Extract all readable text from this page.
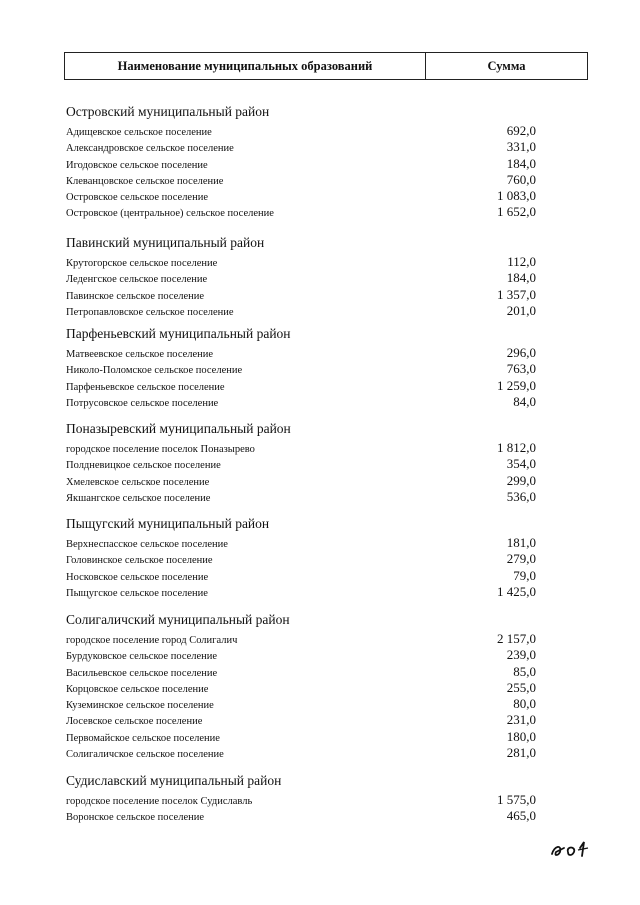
Наименование муниципальных образований	Сумма
Островский муниципальный район
Адищевское сельское поселение	692,0
Александровское сельское поселение	331,0
Игодовское сельское поселение	184,0
Клеванцовское сельское поселение	760,0
Островское сельское поселение	1 083,0
Островское (центральное) сельское поселение	1 652,0
Павинский муниципальный район
Крутогорское сельское поселение	112,0
Леденгское сельское поселение	184,0
Павинское сельское поселение	1 357,0
Петропавловское сельское поселение	201,0
Парфеньевский муниципальный район
Матвеевское сельское поселение	296,0
Николо-Поломское сельское поселение	763,0
Парфеньевское сельское поселение	1 259,0
Потрусовское сельское поселение	84,0
Поназыревский муниципальный район
городское поселение поселок Поназырево	1 812,0
Полдневицкое сельское поселение	354,0
Хмелевское сельское поселение	299,0
Якшангское сельское поселение	536,0
Пыщугский муниципальный район
Верхнеспасское сельское поселение	181,0
Головинское сельское поселение	279,0
Носковское сельское поселение	79,0
Пыщугское сельское поселение	1 425,0
Солигаличский муниципальный район
городское поселение город Солигалич	2 157,0
Бурдуковское сельское поселение	239,0
Васильевское сельское поселение	85,0
Корцовское сельское поселение	255,0
Куземинское сельское поселение	80,0
Лосевское сельское поселение	231,0
Первомайское сельское поселение	180,0
Солигаличское сельское поселение	281,0
Судиславский муниципальный район
городское поселение поселок Судиславль	1 575,0
Воронское сельское поселение	465,0
